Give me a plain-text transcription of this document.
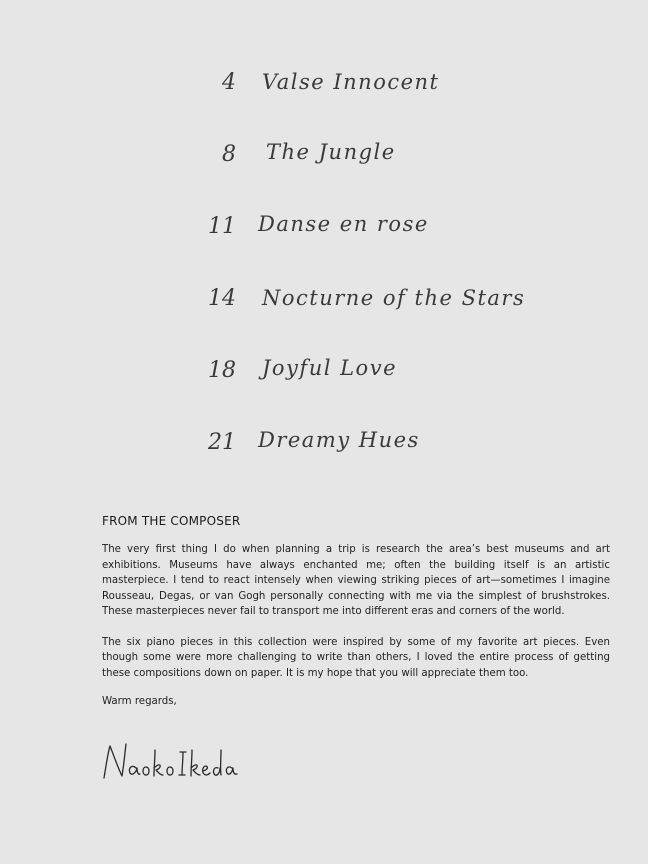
4 Valse Innocent
8 The Jungle
11 Danse en rose
14 Nocturne of the Stars
18 Joyful Love
21 Dreamy Hues
FROM THE COMPOSER

The very first thing I do when planning a trip is research the area’s best museums and art exhibitions. Museums have always enchanted me; often the building itself is an artistic masterpiece. I tend to react intensely when viewing striking pieces of art—sometimes I imagine Rousseau, Degas, or van Gogh personally connecting with me via the simplest of brushstrokes. These masterpieces never fail to transport me into different eras and corners of the world.

The six piano pieces in this collection were inspired by some of my favorite art pieces. Even though some were more challenging to write than others, I loved the entire process of getting these compositions down on paper. It is my hope that you will appreciate them too.

Warm regards,
